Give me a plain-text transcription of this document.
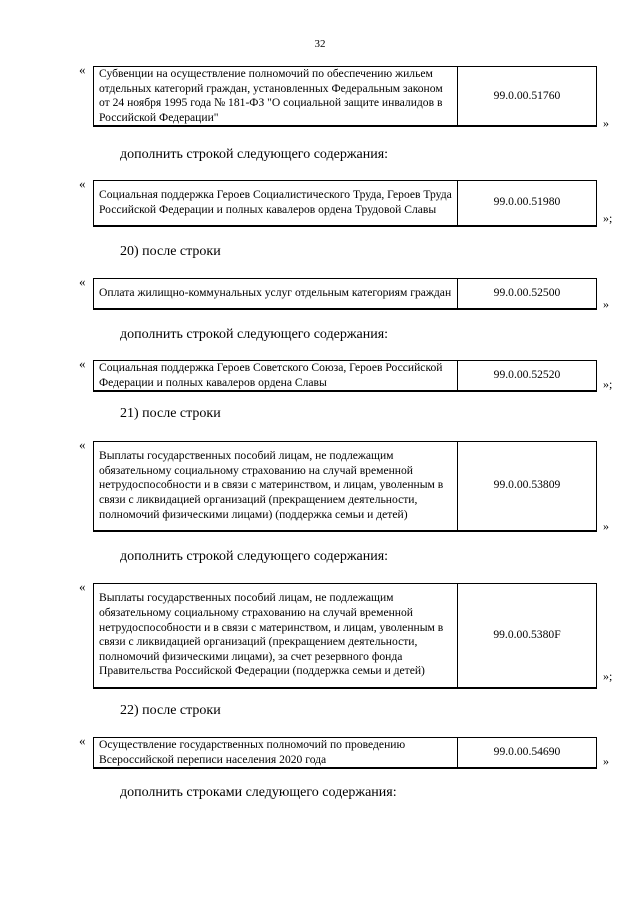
32
« Субвенции на осуществление полномочий по обеспечению жильем отдельных категорий граждан, установленных Федеральным законом от 24 ноября 1995 года № 181-ФЗ "О социальной защите инвалидов в Российской Федерации"	99.0.00.51760
»
дополнить строкой следующего содержания:
«
Социальная поддержка Героев Социалистического Труда, Героев Труда Российской Федерации и полных кавалеров ордена Трудовой Славы	99.0.00.51980
»;
20) после строки
«
Оплата жилищно-коммунальных услуг отдельным категориям граждан	99.0.00.52500
»
дополнить строкой следующего содержания:
« Социальная поддержка Героев Советского Союза, Героев Российской Федерации и полных кавалеров ордена Славы	99.0.00.52520
»;
21) после строки
«
Выплаты государственных пособий лицам, не подлежащим обязательному социальному страхованию на случай временной нетрудоспособности и в связи с материнством, и лицам, уволенным в связи с ликвидацией организаций (прекращением деятельности, полномочий физическими лицами) (поддержка семьи и детей)	99.0.00.53809
»
дополнить строкой следующего содержания:
«
Выплаты государственных пособий лицам, не подлежащим обязательному социальному страхованию на случай временной нетрудоспособности и в связи с материнством, и лицам, уволенным в связи с ликвидацией организаций (прекращением деятельности, полномочий физическими лицами), за счет резервного фонда Правительства Российской Федерации (поддержка семьи и детей)	99.0.00.5380F
»;
22) после строки
« Осуществление государственных полномочий по проведению Всероссийской переписи населения 2020 года	99.0.00.54690
»
дополнить строками следующего содержания:
